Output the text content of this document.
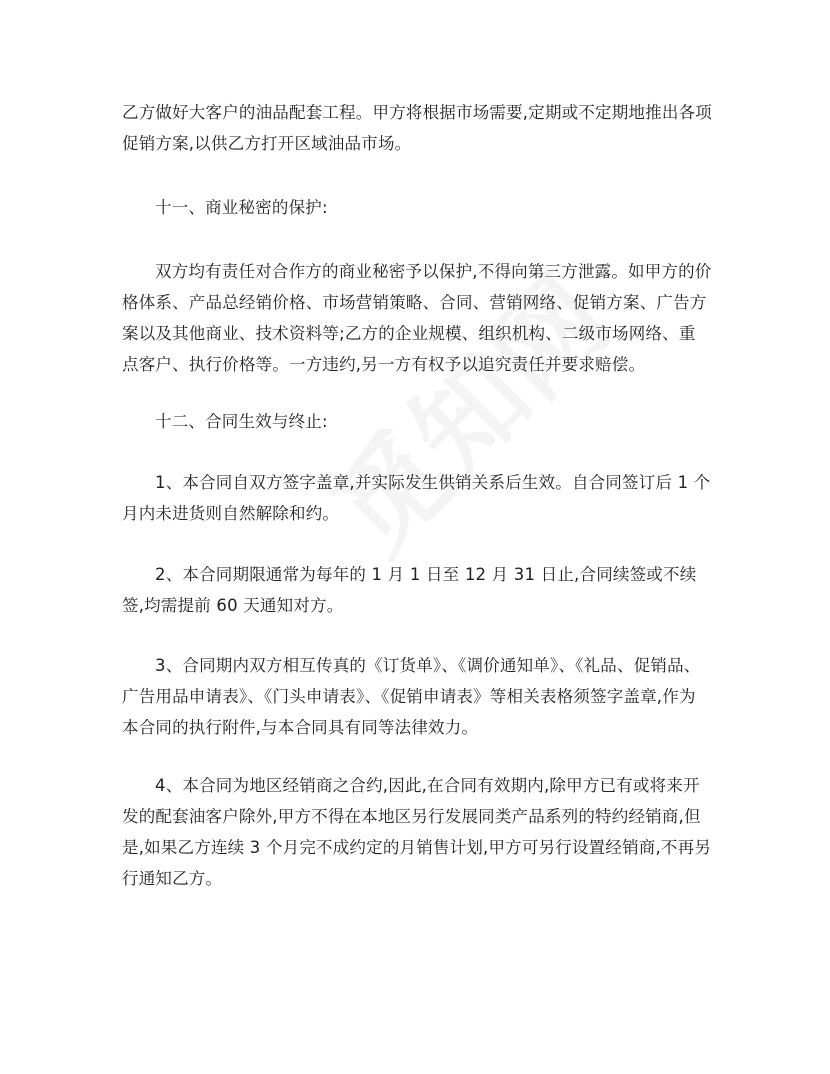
乙方做好大客户的油品配套工程。甲方将根据市场需要,定期或不定期地推出各项促销方案,以供乙方打开区域油品市场。

十一、商业秘密的保护:

双方均有责任对合作方的商业秘密予以保护,不得向第三方泄露。如甲方的价格体系、产品总经销价格、市场营销策略、合同、营销网络、促销方案、广告方案以及其他商业、技术资料等;乙方的企业规模、组织机构、二级市场网络、重点客户、执行价格等。一方违约,另一方有权予以追究责任并要求赔偿。

十二、合同生效与终止:

1、本合同自双方签字盖章,并实际发生供销关系后生效。自合同签订后 1 个月内未进货则自然解除和约。

2、本合同期限通常为每年的 1 月 1 日至 12 月 31 日止,合同续签或不续签,均需提前 60 天通知对方。

3、合同期内双方相互传真的《订货单》、《调价通知单》、《礼品、促销品、广告用品申请表》、《门头申请表》、《促销申请表》等相关表格须签字盖章,作为本合同的执行附件,与本合同具有同等法律效力。

4、本合同为地区经销商之合约,因此,在合同有效期内,除甲方已有或将来开发的配套油客户除外,甲方不得在本地区另行发展同类产品系列的特约经销商,但是,如果乙方连续 3 个月完不成约定的月销售计划,甲方可另行设置经销商,不再另行通知乙方。
